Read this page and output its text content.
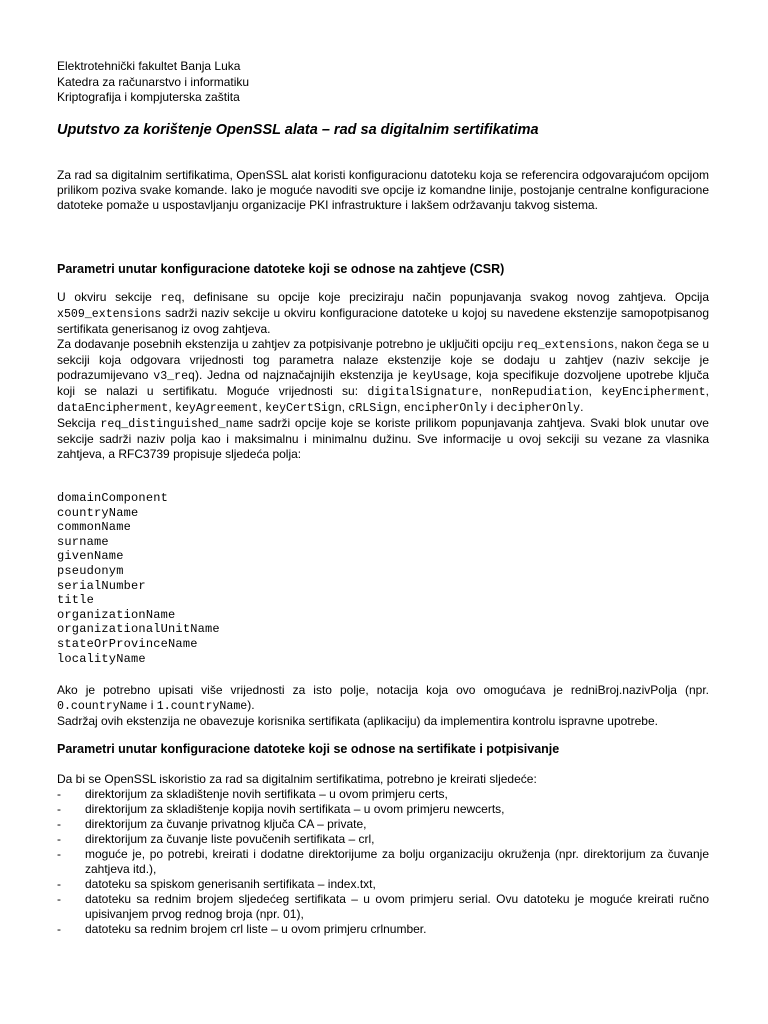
Elektrotehnički fakultet Banja Luka

Katedra za računarstvo i informatiku

Kriptografija i kompjuterska zaštita

Uputstvo za korištenje OpenSSL alata – rad sa digitalnim sertifikatima

Za rad sa digitalnim sertifikatima, OpenSSL alat koristi konfiguracionu datoteku koja se referencira odgovarajućom opcijom prilikom poziva svake komande. Iako je moguće navoditi sve opcije iz komandne linije, postojanje centralne konfiguracione datoteke pomaže u uspostavljanju organizacije PKI infrastrukture i lakšem održavanju takvog sistema.

Parametri unutar konfiguracione datoteke koji se odnose na zahtjeve (CSR)

U okviru sekcije req, definisane su opcije koje preciziraju način popunjavanja svakog novog zahtjeva. Opcija x509_extensions sadrži naziv sekcije u okviru konfiguracione datoteke u kojoj su navedene ekstenzije samopotpisanog sertifikata generisanog iz ovog zahtjeva.

Za dodavanje posebnih ekstenzija u zahtjev za potpisivanje potrebno je uključiti opciju req_extensions, nakon čega se u sekciji koja odgovara vrijednosti tog parametra nalaze ekstenzije koje se dodaju u zahtjev (naziv sekcije je podrazumijevano v3_req). Jedna od najznačajnijih ekstenzija je keyUsage, koja specifikuje dozvoljene upotrebe ključa koji se nalazi u sertifikatu. Moguće vrijednosti su: digitalSignature, nonRepudiation, keyEncipherment, dataEncipherment, keyAgreement, keyCertSign, cRLSign, encipherOnly i decipherOnly.

Sekcija req_distinguished_name sadrži opcije koje se koriste prilikom popunjavanja zahtjeva. Svaki blok unutar ove sekcije sadrži naziv polja kao i maksimalnu i minimalnu dužinu. Sve informacije u ovoj sekciji su vezane za vlasnika zahtjeva, a RFC3739 propisuje sljedeća polja:

domainComponent
countryName
commonName
surname
givenName
pseudonym
serialNumber
title
organizationName
organizationalUnitName
stateOrProvinceName
localityName

Ako je potrebno upisati više vrijednosti za isto polje, notacija koja ovo omogućava je redniBroj.nazivPolja (npr. 0.countryName i 1.countryName).

Sadržaj ovih ekstenzija ne obavezuje korisnika sertifikata (aplikaciju) da implementira kontrolu ispravne upotrebe.

Parametri unutar konfiguracione datoteke koji se odnose na sertifikate i potpisivanje

Da bi se OpenSSL iskoristio za rad sa digitalnim sertifikatima, potrebno je kreirati sljedeće:

- direktorijum za skladištenje novih sertifikata – u ovom primjeru certs,
- direktorijum za skladištenje kopija novih sertifikata – u ovom primjeru newcerts,
- direktorijum za čuvanje privatnog ključa CA – private,
- direktorijum za čuvanje liste povučenih sertifikata – crl,
- moguće je, po potrebi, kreirati i dodatne direktorijume za bolju organizaciju okruženja (npr. direktorijum za čuvanje zahtjeva itd.),
- datoteku sa spiskom generisanih sertifikata – index.txt,
- datoteku sa rednim brojem sljedećeg sertifikata – u ovom primjeru serial. Ovu datoteku je moguće kreirati ručno upisivanjem prvog rednog broja (npr. 01),
- datoteku sa rednim brojem crl liste – u ovom primjeru crlnumber.
